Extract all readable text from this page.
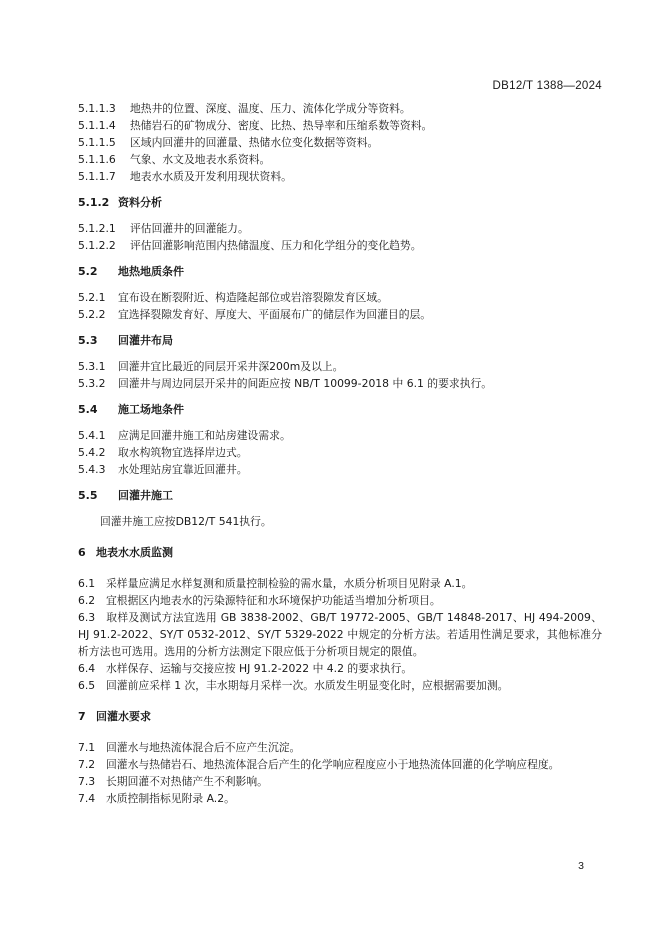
DB12/T 1388—2024

5.1.1.3 地热井的位置、深度、温度、压力、流体化学成分等资料。

5.1.1.4 热储岩石的矿物成分、密度、比热、热导率和压缩系数等资料。

5.1.1.5 区域内回灌井的回灌量、热储水位变化数据等资料。

5.1.1.6 气象、水文及地表水系资料。

5.1.1.7 地表水水质及开发利用现状资料。

5.1.2 资料分析

5.1.2.1 评估回灌井的回灌能力。

5.1.2.2 评估回灌影响范围内热储温度、压力和化学组分的变化趋势。

5.2 地热地质条件

5.2.1 宜布设在断裂附近、构造隆起部位或岩溶裂隙发育区域。

5.2.2 宜选择裂隙发育好、厚度大、平面展布广的储层作为回灌目的层。

5.3 回灌井布局

5.3.1 回灌井宜比最近的同层开采井深200m及以上。

5.3.2 回灌井与周边同层开采井的间距应按 NB/T 10099-2018 中 6.1 的要求执行。

5.4 施工场地条件

5.4.1 应满足回灌井施工和站房建设需求。

5.4.2 取水构筑物宜选择岸边式。

5.4.3 水处理站房宜靠近回灌井。

5.5 回灌井施工

回灌井施工应按DB12/T 541执行。

6 地表水水质监测

6.1 采样量应满足水样复测和质量控制检验的需水量，水质分析项目见附录 A.1。

6.2 宜根据区内地表水的污染源特征和水环境保护功能适当增加分析项目。

6.3 取样及测试方法宜选用 GB 3838-2002、GB/T 19772-2005、GB/T 14848-2017、HJ 494-2009、HJ 91.2-2022、SY/T 0532-2012、SY/T 5329-2022 中规定的分析方法。若适用性满足要求，其他标准分析方法也可选用。选用的分析方法测定下限应低于分析项目规定的限值。

6.4 水样保存、运输与交接应按 HJ 91.2-2022 中 4.2 的要求执行。

6.5 回灌前应采样 1 次，丰水期每月采样一次。水质发生明显变化时，应根据需要加测。

7 回灌水要求

7.1 回灌水与地热流体混合后不应产生沉淀。

7.2 回灌水与热储岩石、地热流体混合后产生的化学响应程度应小于地热流体回灌的化学响应程度。

7.3 长期回灌不对热储产生不利影响。

7.4 水质控制指标见附录 A.2。

3
